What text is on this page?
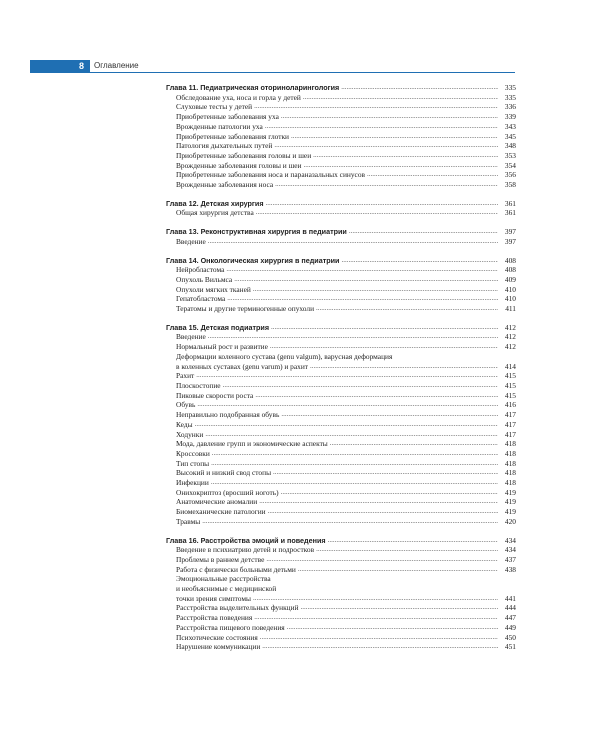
8	Оглавление
Глава 11. Педиатрическая оториноларингология .....	335
Обследование уха, носа и горла у детей .....	335
Слуховые тесты у детей .....	336
Приобретенные заболевания уха .....	339
Врожденные патологии уха .....	343
Приобретенные заболевания глотки .....	345
Патология дыхательных путей .....	348
Приобретенные заболевания головы и шеи .....	353
Врожденные заболевания головы и шеи .....	354
Приобретенные заболевания носа и параназальных синусов .....	356
Врожденные заболевания носа .....	358
Глава 12. Детская хирургия .....	361
Общая хирургия детства .....	361
Глава 13. Реконструктивная хирургия в педиатрии .....	397
Введение .....	397
Глава 14. Онкологическая хирургия в педиатрии .....	408
Нейробластома .....	408
Опухоль Вильмса .....	409
Опухоли мягких тканей .....	410
Гепатобластома .....	410
Тератомы и другие терминогенные опухоли .....	411
Глава 15. Детская подиатрия .....	412
Введение .....	412
Нормальный рост и развитие .....	412
Деформации коленного сустава (genu valgum), варусная деформация
в коленных суставах (genu varum) и рахит .....	414
Рахит .....	415
Плоскостопие .....	415
Пиковые скорости роста .....	415
Обувь .....	416
Неправильно подобранная обувь .....	417
Кеды .....	417
Ходунки .....	417
Мода, давление групп и экономические аспекты .....	418
Кроссовки .....	418
Тип стопы .....	418
Высокий и низкий свод стопы .....	418
Инфекции .....	418
Онихокриптоз (вросший ноготь) .....	419
Анатомические аномалии .....	419
Биомеханические патологии .....	419
Травмы .....	420
Глава 16. Расстройства эмоций и поведения .....	434
Введение в психиатрию детей и подростков .....	434
Проблемы в раннем детстве .....	437
Работа с физически больными детьми .....	438
Эмоциональные расстройства
и необъяснимые с медицинской
точки зрения симптомы .....	441
Расстройства выделительных функций .....	444
Расстройства поведения .....	447
Расстройства пищевого поведения .....	449
Психотические состояния .....	450
Нарушение коммуникации .....	451
